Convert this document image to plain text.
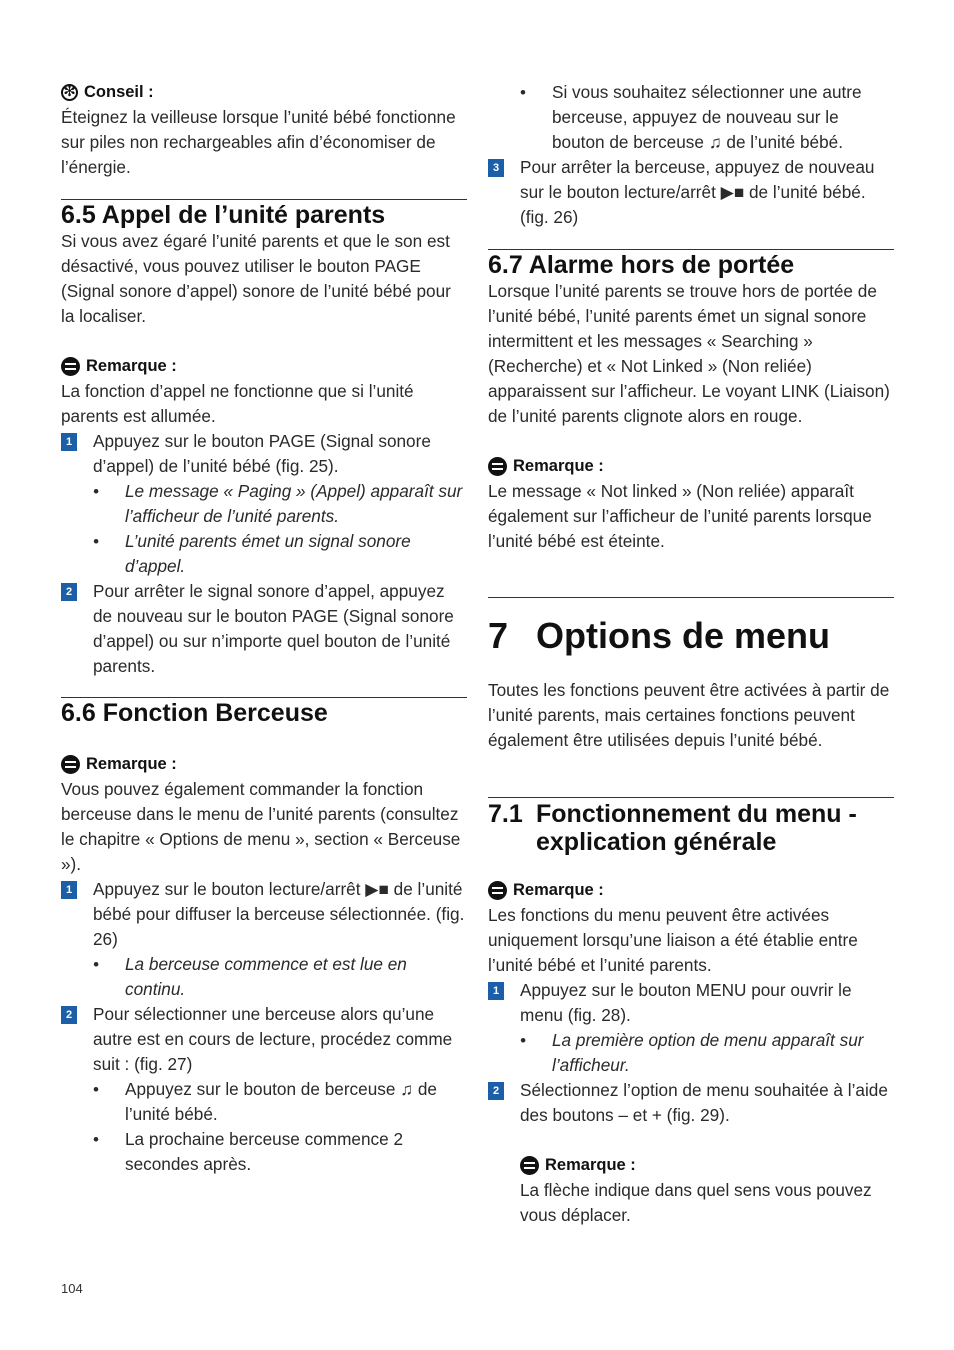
✻ Conseil :

Éteignez la veilleuse lorsque l’unité bébé fonctionne sur piles non rechargeables afin d’économiser de l’énergie.

6.5 Appel de l’unité parents

Si vous avez égaré l’unité parents et que le son est désactivé, vous pouvez utiliser le bouton PAGE (Signal sonore d’appel) sonore de l’unité bébé pour la localiser.

Remarque :

La fonction d’appel ne fonctionne que si l’unité parents est allumée.

1 Appuyez sur le bouton PAGE (Signal sonore d’appel) de l’unité bébé (fig. 25).
•	Le message « Paging » (Appel) apparaît sur l’afficheur de l’unité parents.
•	L’unité parents émet un signal sonore d’appel.
2 Pour arrêter le signal sonore d’appel, appuyez de nouveau sur le bouton PAGE (Signal sonore d’appel) ou sur n’importe quel bouton de l’unité parents.
6.6 Fonction Berceuse
Remarque :

Vous pouvez également commander la fonction berceuse dans le menu de l’unité parents (consultez le chapitre « Options de menu », section « Berceuse »).

1 Appuyez sur le bouton lecture/arrêt ▶■ de l’unité bébé pour diffuser la berceuse sélectionnée. (fig. 26)
•	La berceuse commence et est lue en continu.
2 Pour sélectionner une berceuse alors qu’une autre est en cours de lecture, procédez comme suit : (fig. 27)
•	Appuyez sur le bouton de berceuse ♫ de l’unité bébé.
•	La prochaine berceuse commence 2 secondes après.
•	Si vous souhaitez sélectionner une autre berceuse, appuyez de nouveau sur le bouton de berceuse ♫ de l’unité bébé.
3 Pour arrêter la berceuse, appuyez de nouveau sur le bouton lecture/arrêt ▶■ de l’unité bébé. (fig. 26)
6.7 Alarme hors de portée

Lorsque l’unité parents se trouve hors de portée de l’unité bébé, l’unité parents émet un signal sonore intermittent et les messages « Searching » (Recherche) et « Not Linked » (Non reliée) apparaissent sur l’afficheur. Le voyant LINK (Liaison) de l’unité parents clignote alors en rouge.

Remarque :

Le message « Not linked » (Non reliée) apparaît également sur l’afficheur de l’unité parents lorsque l’unité bébé est éteinte.

7 Options de menu

Toutes les fonctions peuvent être activées à partir de l’unité parents, mais certaines fonctions peuvent également être utilisées depuis l’unité bébé.

7.1 Fonctionnement du menu - explication générale
Remarque :

Les fonctions du menu peuvent être activées uniquement lorsqu’une liaison a été établie entre l’unité bébé et l’unité parents.

1 Appuyez sur le bouton MENU pour ouvrir le menu (fig. 28).
•	La première option de menu apparaît sur l’afficheur.
2 Sélectionnez l’option de menu souhaitée à l’aide des boutons – et + (fig. 29).
Remarque :

La flèche indique dans quel sens vous pouvez vous déplacer.

104
